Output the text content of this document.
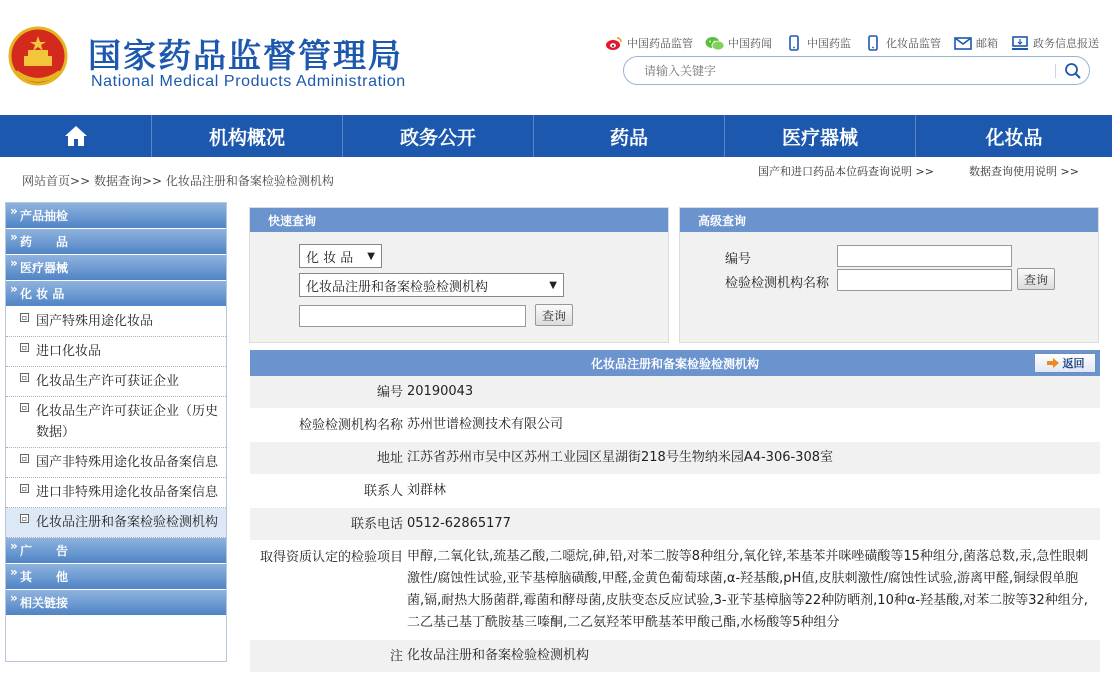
国家药品监督管理局
National Medical Products Administration
中国药品监管	中国药闻	中国药监	化妆品监管	邮箱	政务信息报送
请输入关键字
机构概况	政务公开	药品	医疗器械	化妆品
网站首页>> 数据查询>> 化妆品注册和备案检验检测机构
国产和进口药品本位码查询说明 >>	数据查询使用说明 >>
» 产品抽检
» 药　　品
» 医疗器械
» 化 妆 品
▫ 国产特殊用途化妆品
▫ 进口化妆品
▫ 化妆品生产许可获证企业
▫ 化妆品生产许可获证企业（历史数据）
▫ 国产非特殊用途化妆品备案信息
▫ 进口非特殊用途化妆品备案信息
▫ 化妆品注册和备案检验检测机构
» 广　　告
» 其　　他
» 相关链接
快速查询
化 妆 品 ▼
化妆品注册和备案检验检测机构	▼
查询
高级查询
编号
检验检测机构名称	查询
化妆品注册和备案检验检测机构	返回
编号 20190043
检验检测机构名称 苏州世谱检测技术有限公司
地址 江苏省苏州市吴中区苏州工业园区星湖街218号生物纳米园A4-306-308室
联系人 刘群林
联系电话 0512-62865177
取得资质认定的检验项目 甲醇,二氧化钛,巯基乙酸,二噁烷,砷,铅,对苯二胺等8种组分,氧化锌,苯基苯并咪唑磺酸等15种组分,菌落总数,汞,急性眼刺激性/腐蚀性试验,亚苄基樟脑磺酸,甲醛,金黄色葡萄球菌,α-羟基酸,pH值,皮肤刺激性/腐蚀性试验,游离甲醛,铜绿假单胞菌,镉,耐热大肠菌群,霉菌和酵母菌,皮肤变态反应试验,3-亚苄基樟脑等22种防晒剂,10种α-羟基酸,对苯二胺等32种组分,二乙基己基丁酰胺基三嗪酮,二乙氨羟苯甲酰基苯甲酸己酯,水杨酸等5种组分
注 化妆品注册和备案检验检测机构
